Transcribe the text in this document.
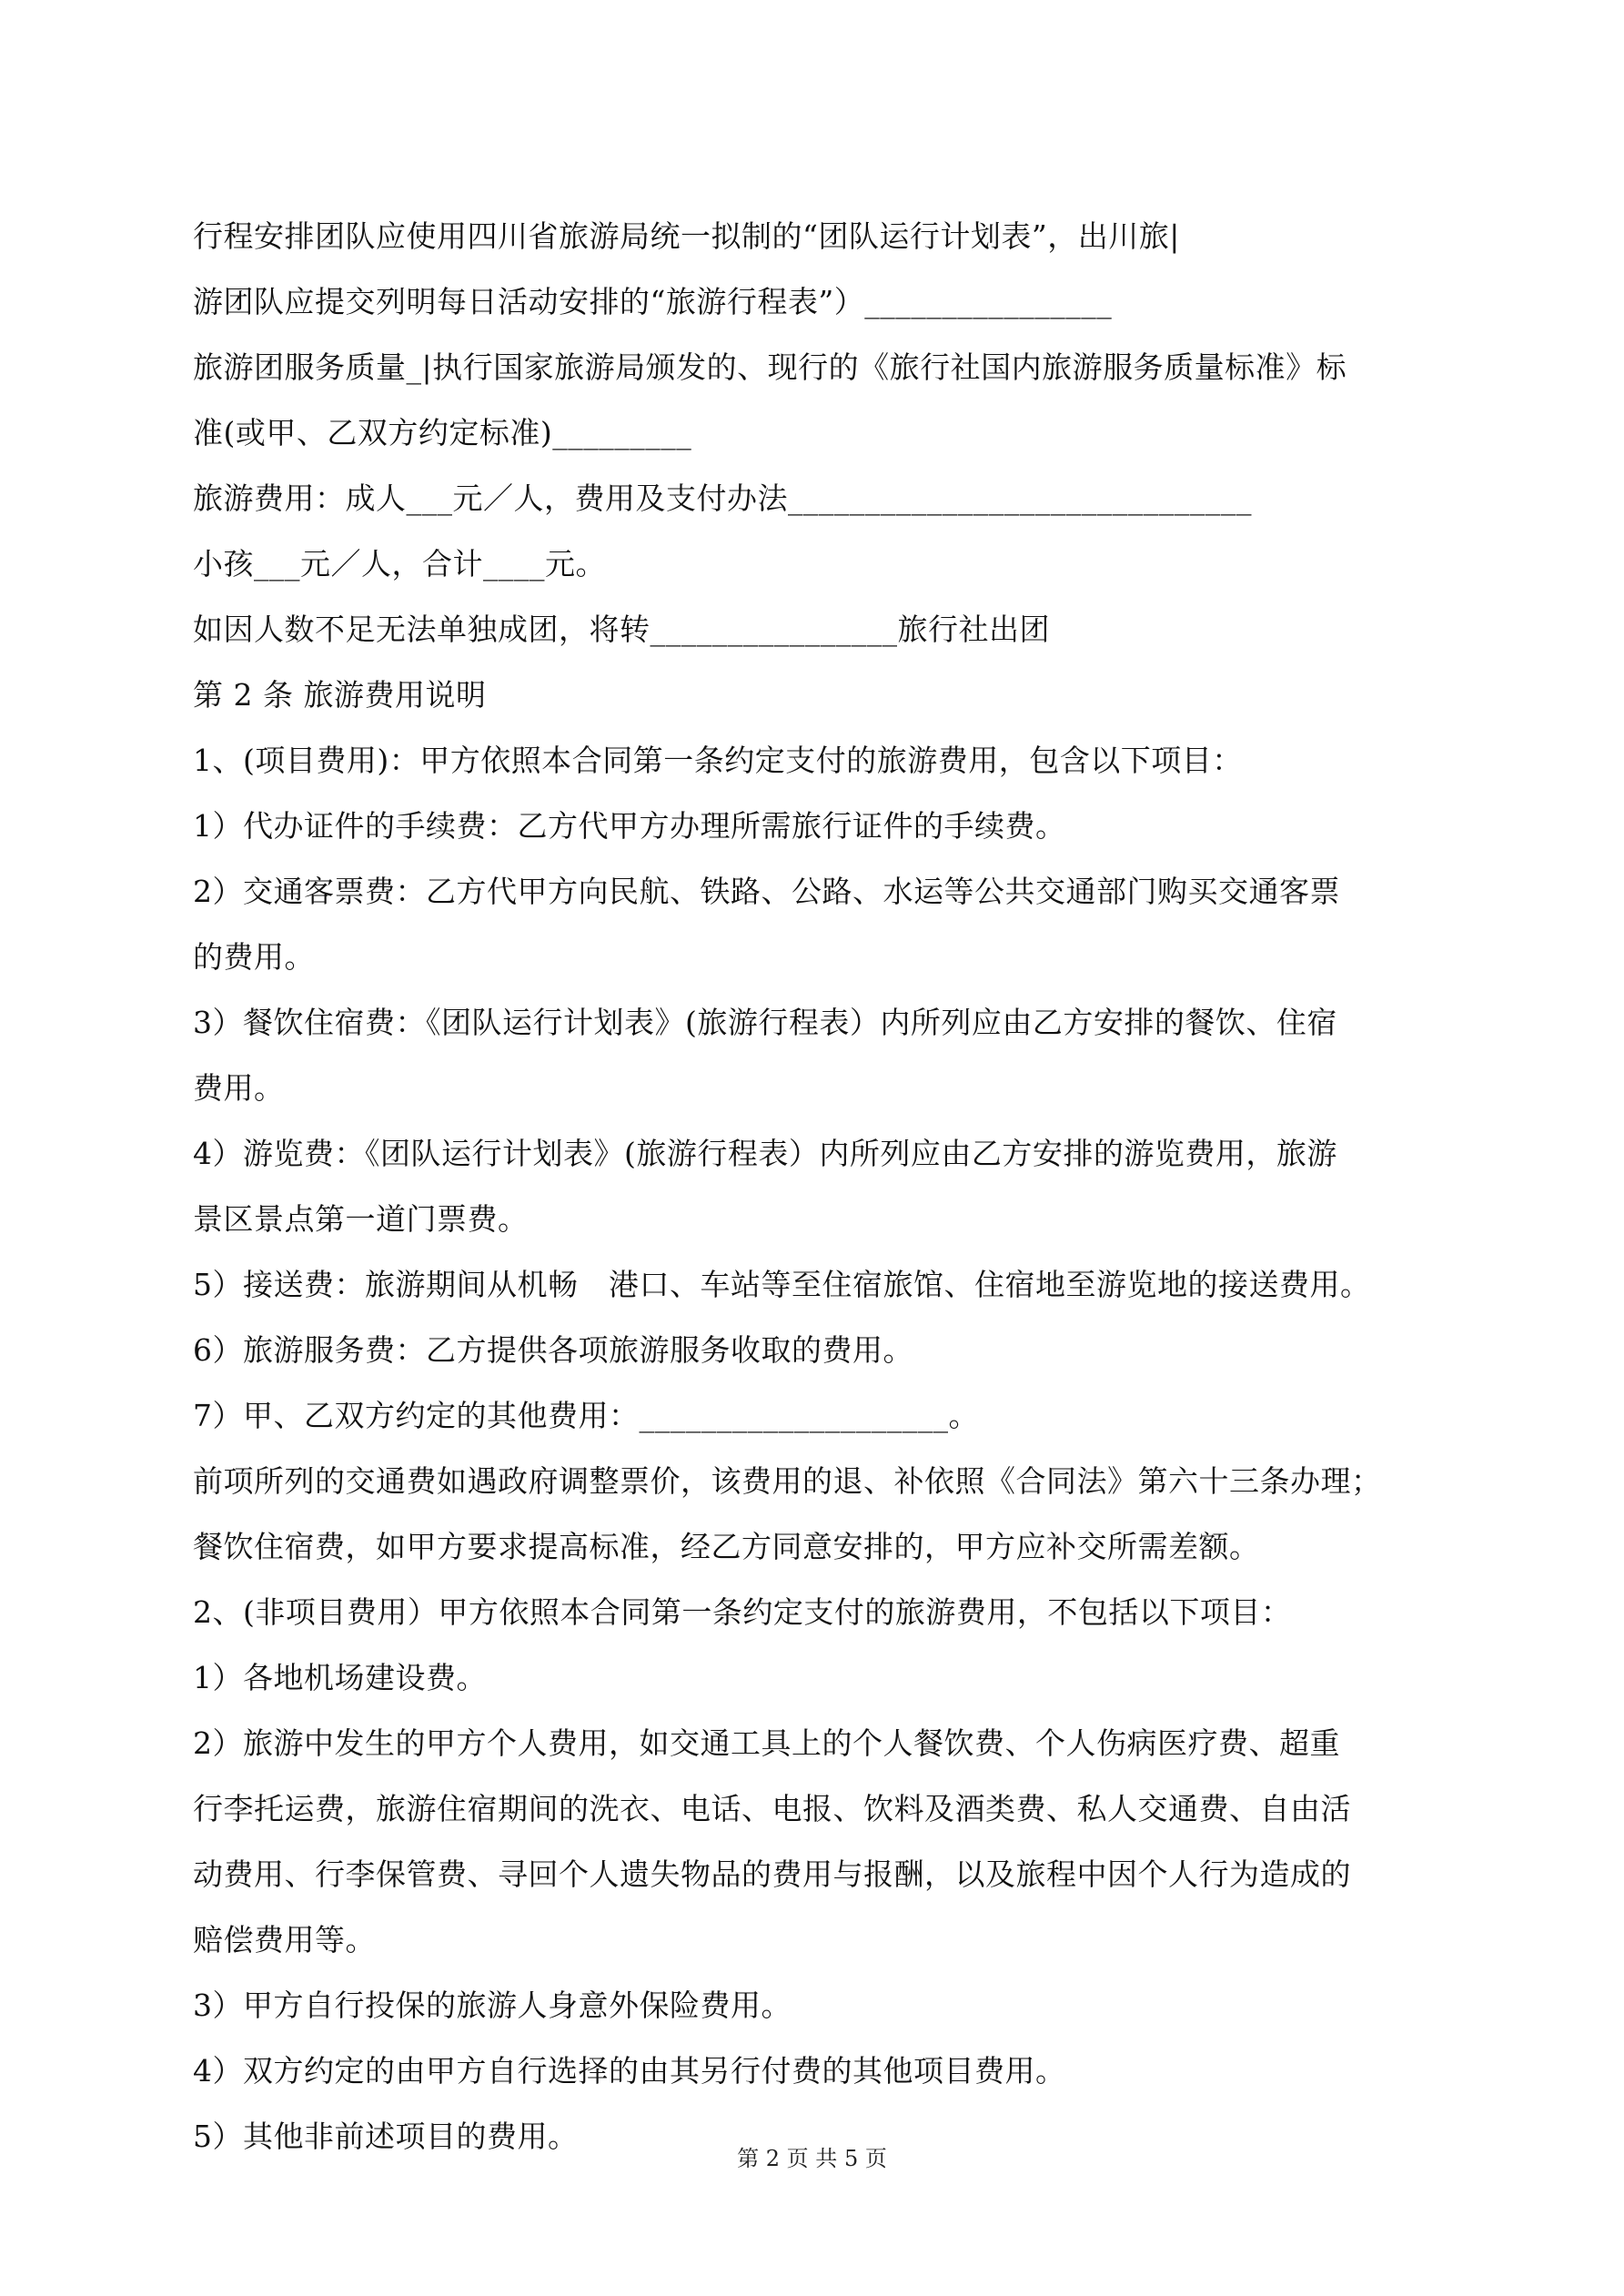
行程安排团队应使用四川省旅游局统一拟制的“团队运行计划表”，出川旅|
游团队应提交列明每日活动安排的“旅游行程表”）________________
旅游团服务质量_|执行国家旅游局颁发的、现行的《旅行社国内旅游服务质量标准》标
准(或甲、乙双方约定标准)_________
旅游费用：成人___元／人，费用及支付办法______________________________
小孩___元／人，合计____元。
如因人数不足无法单独成团，将转________________旅行社出团
第 2 条 旅游费用说明
1、(项目费用)：甲方依照本合同第一条约定支付的旅游费用，包含以下项目：
1）代办证件的手续费：乙方代甲方办理所需旅行证件的手续费。
2）交通客票费：乙方代甲方向民航、铁路、公路、水运等公共交通部门购买交通客票
的费用。
3）餐饮住宿费：《团队运行计划表》(旅游行程表）内所列应由乙方安排的餐饮、住宿
费用。
4）游览费：《团队运行计划表》(旅游行程表）内所列应由乙方安排的游览费用，旅游
景区景点第一道门票费。
5）接送费：旅游期间从机畅　港口、车站等至住宿旅馆、住宿地至游览地的接送费用。
6）旅游服务费：乙方提供各项旅游服务收取的费用。
7）甲、乙双方约定的其他费用：____________________。
前项所列的交通费如遇政府调整票价，该费用的退、补依照《合同法》第六十三条办理；
餐饮住宿费，如甲方要求提高标准，经乙方同意安排的，甲方应补交所需差额。
2、(非项目费用）甲方依照本合同第一条约定支付的旅游费用，不包括以下项目：
1）各地机场建设费。
2）旅游中发生的甲方个人费用，如交通工具上的个人餐饮费、个人伤病医疗费、超重
行李托运费，旅游住宿期间的洗衣、电话、电报、饮料及酒类费、私人交通费、自由活
动费用、行李保管费、寻回个人遗失物品的费用与报酬，以及旅程中因个人行为造成的
赔偿费用等。
3）甲方自行投保的旅游人身意外保险费用。
4）双方约定的由甲方自行选择的由其另行付费的其他项目费用。
5）其他非前述项目的费用。
第 2 页 共 5 页
